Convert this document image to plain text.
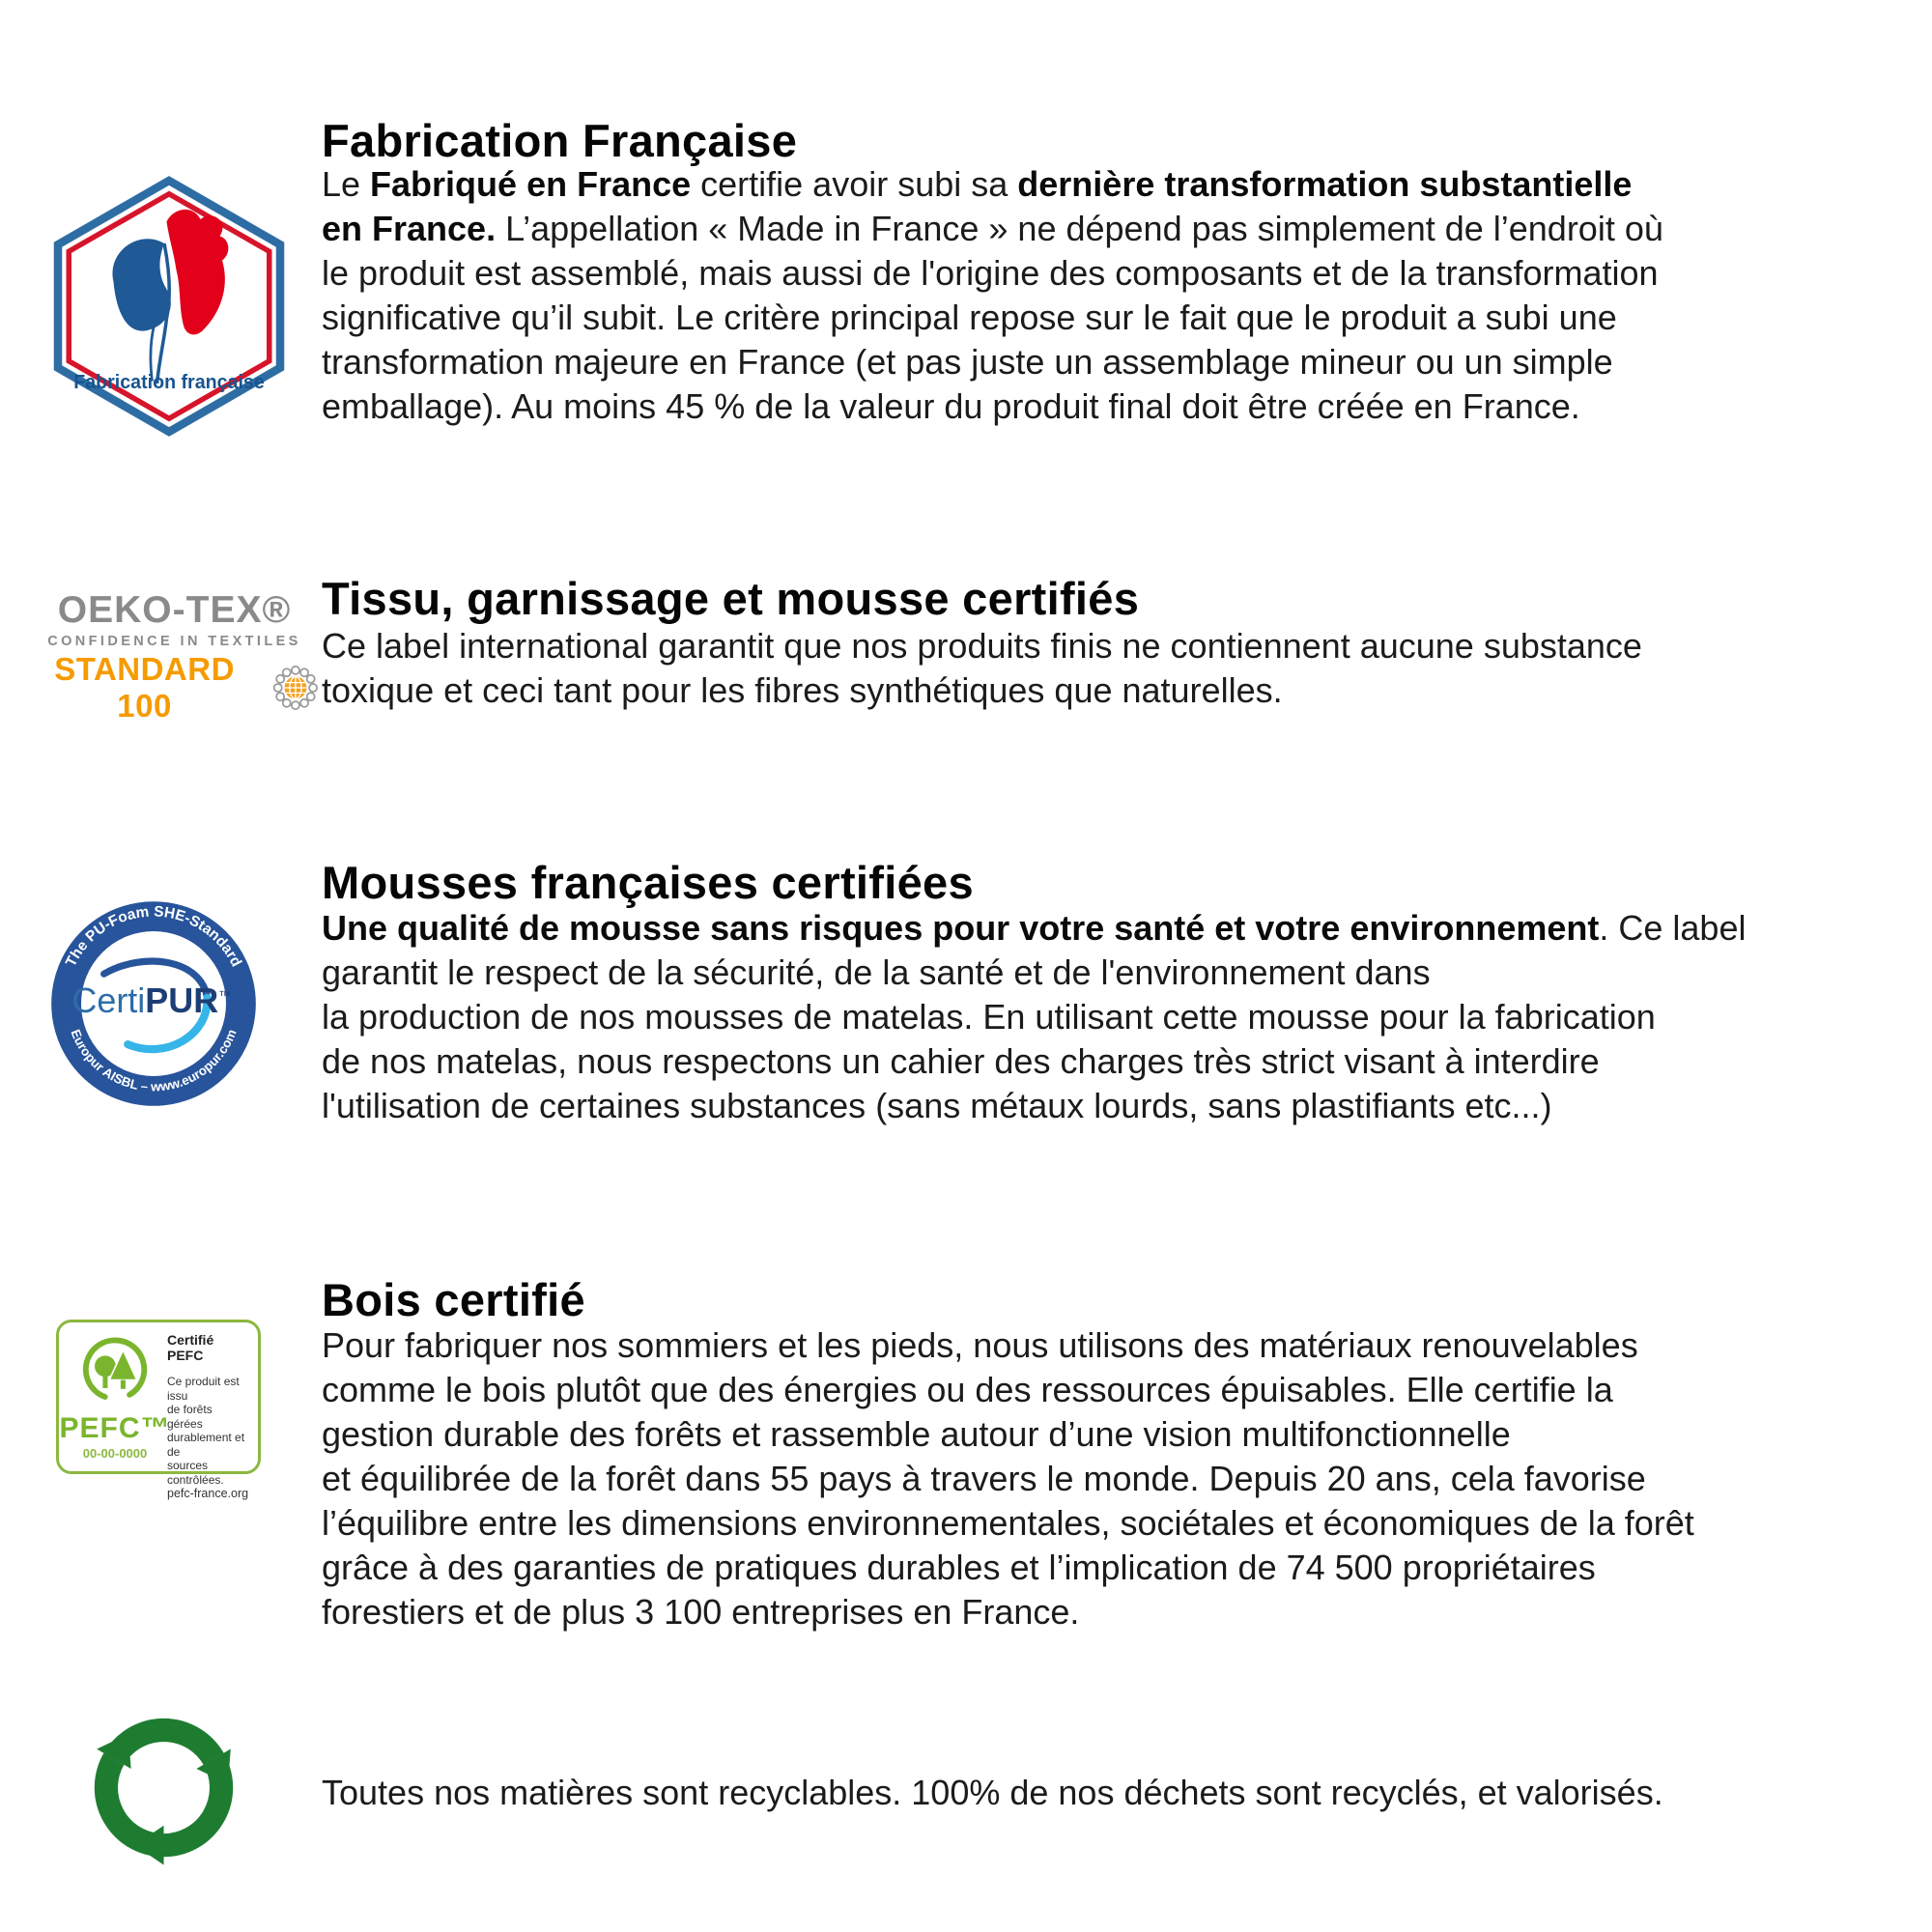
Fabrication française
Fabrication Française
Le Fabriqué en France certifie avoir subi sa dernière transformation substantielle
en France. L’appellation « Made in France » ne dépend pas simplement de l’endroit où
le produit est assemblé, mais aussi de l'origine des composants et de la transformation
significative qu’il subit. Le critère principal repose sur le fait que le produit a subi une
transformation majeure en France (et pas juste un assemblage mineur ou un simple
emballage). Au moins 45 % de la valeur du produit final doit être créée en France.
OEKO-TEX®
CONFIDENCE IN TEXTILES
STANDARD 100
Tissu, garnissage et mousse certifiés
Ce label international garantit que nos produits finis ne contiennent aucune substance
toxique et ceci tant pour les fibres synthétiques que naturelles.
The PU-Foam SHE-Standard
Europur AISBL – www.europur.com
CertiPUR™
Mousses françaises certifiées
Une qualité de mousse sans risques pour votre santé et votre environnement. Ce label
garantit le respect de la sécurité, de la santé et de l'environnement dans
la production de nos mousses de matelas. En utilisant cette mousse pour la fabrication
de nos matelas, nous respectons un cahier des charges très strict visant à interdire
l'utilisation de certaines substances (sans métaux lourds, sans plastifiants etc...)
PEFC™
00-00-0000
Certifié PEFC
Ce produit est issu
de forêts gérées
durablement et de
sources contrôlées.
pefc-france.org
Bois certifié
Pour fabriquer nos sommiers et les pieds, nous utilisons des matériaux renouvelables
comme le bois plutôt que des énergies ou des ressources épuisables. Elle certifie la
gestion durable des forêts et rassemble autour d’une vision multifonctionnelle
et équilibrée de la forêt dans 55 pays à travers le monde. Depuis 20 ans, cela favorise
l’équilibre entre les dimensions environnementales, sociétales et économiques de la forêt
grâce à des garanties de pratiques durables et l’implication de 74 500 propriétaires
forestiers et de plus 3 100 entreprises en France.
Toutes nos matières sont recyclables. 100% de nos déchets sont recyclés, et valorisés.
